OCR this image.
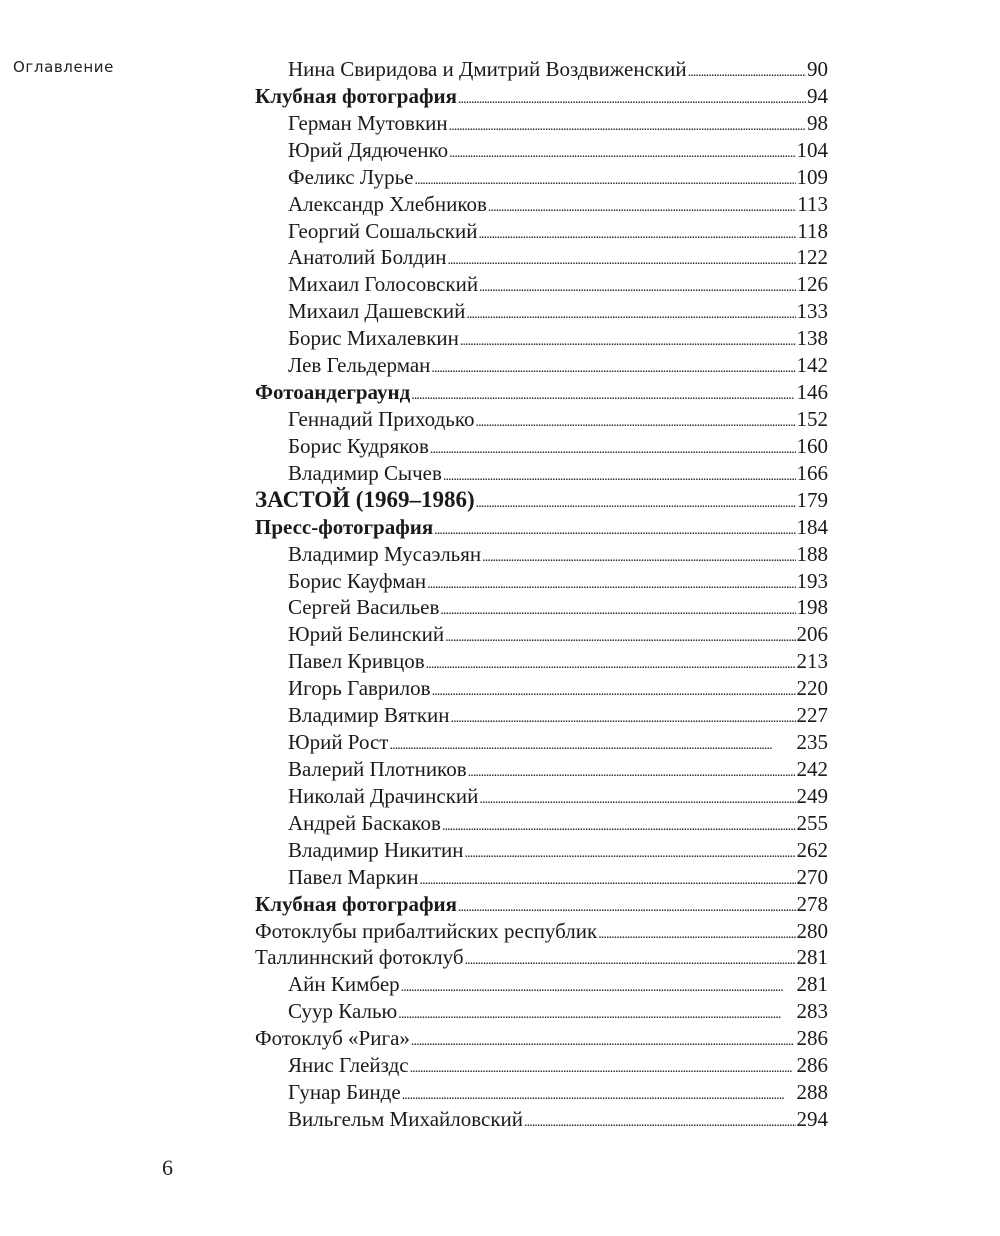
Оглавление	Нина Свиридова и Дмитрий Воздвиженский . . .	90
Клубная фотография . . .	94
Герман Мутовкин . . .	98
Юрий Дядюченко . . .	104
Феликс Лурье . . .	109
Александр Хлебников . . .	113
Георгий Сошальский . . .	118
Анатолий Болдин . . .	122
Михаил Голосовский . . .	126
Михаил Дашевский . . .	133
Борис Михалевкин . . .	138
Лев Гельдерман . . .	142
Фотоандеграунд . . .	146
Геннадий Приходько . . .	152
Борис Кудряков . . .	160
Владимир Сычев . . .	166
ЗАСТОЙ (1969–1986) . . .	179
Пресс-фотография . . .	184
Владимир Мусаэльян . . .	188
Борис Кауфман . . .	193
Сергей Васильев . . .	198
Юрий Белинский . . .	206
Павел Кривцов . . .	213
Игорь Гаврилов . . .	220
Владимир Вяткин . . .	227
Юрий Рост . . .	235
Валерий Плотников . . .	242
Николай Драчинский . . .	249
Андрей Баскаков . . .	255
Владимир Никитин . . .	262
Павел Маркин . . .	270
Клубная фотография . . .	278
Фотоклубы прибалтийских республик . . .	280
Таллиннский фотоклуб . . .	281
Айн Кимбер . . .	281
Суур Калью . . .	283
Фотоклуб «Рига» . . .	286
Янис Глейздс . . .	286
Гунар Бинде . . .	288
Вильгельм Михайловский . . .	294
6
